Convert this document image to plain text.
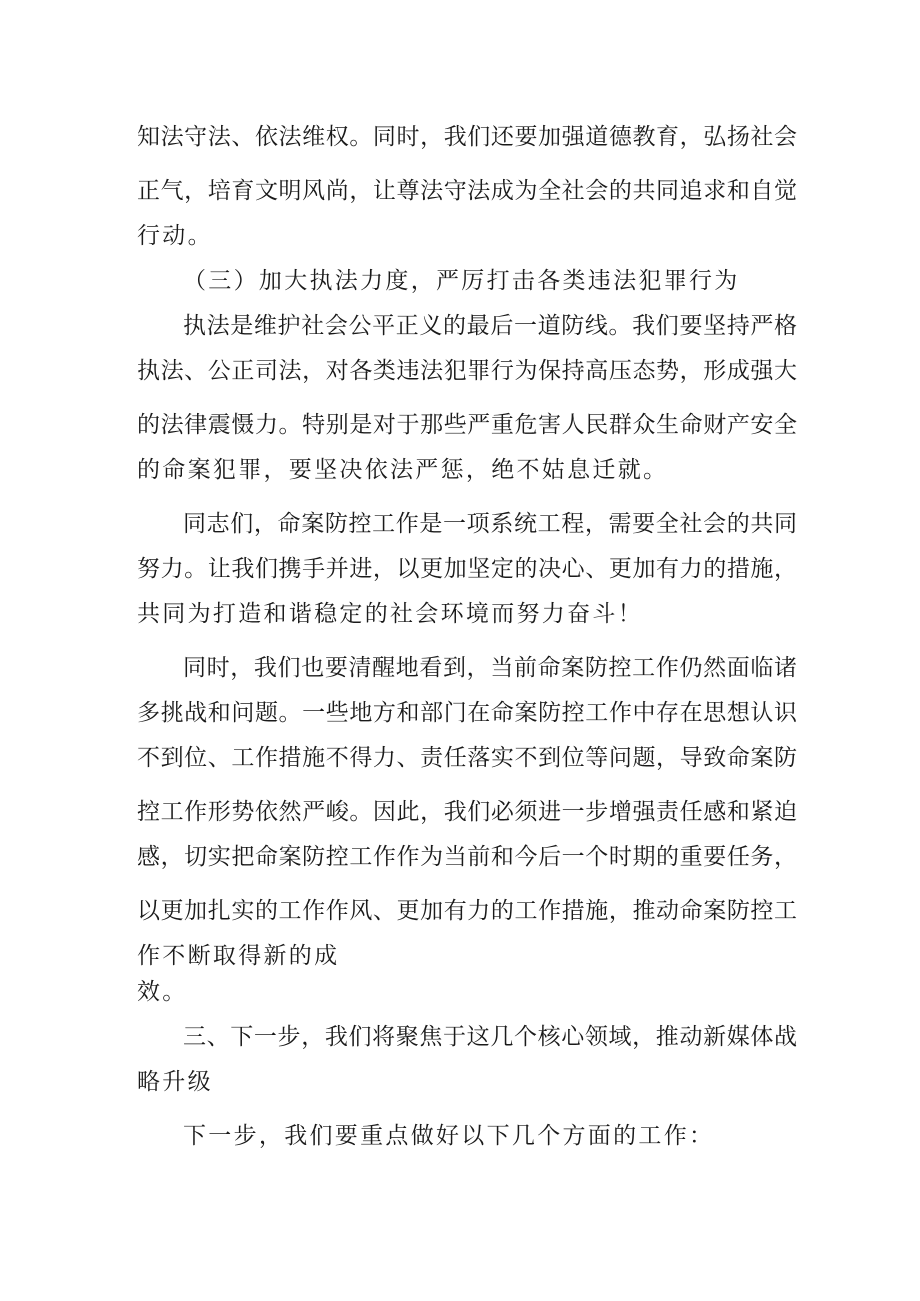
知法守法、依法维权。同时，我们还要加强道德教育，弘扬社会
正气，培育文明风尚，让尊法守法成为全社会的共同追求和自觉
行动。
（三）加大执法力度，严厉打击各类违法犯罪行为
执法是维护社会公平正义的最后一道防线。我们要坚持严格
执法、公正司法，对各类违法犯罪行为保持高压态势，形成强大
的法律震慑力。特别是对于那些严重危害人民群众生命财产安全
的命案犯罪，要坚决依法严惩，绝不姑息迁就。
同志们，命案防控工作是一项系统工程，需要全社会的共同
努力。让我们携手并进，以更加坚定的决心、更加有力的措施，
共同为打造和谐稳定的社会环境而努力奋斗！
同时，我们也要清醒地看到，当前命案防控工作仍然面临诸
多挑战和问题。一些地方和部门在命案防控工作中存在思想认识
不到位、工作措施不得力、责任落实不到位等问题，导致命案防
控工作形势依然严峻。因此，我们必须进一步增强责任感和紧迫
感，切实把命案防控工作作为当前和今后一个时期的重要任务，
以更加扎实的工作作风、更加有力的工作措施，推动命案防控工
作不断取得新的成
效。
三、下一步，我们将聚焦于这几个核心领域，推动新媒体战
略升级
下一步，我们要重点做好以下几个方面的工作：
